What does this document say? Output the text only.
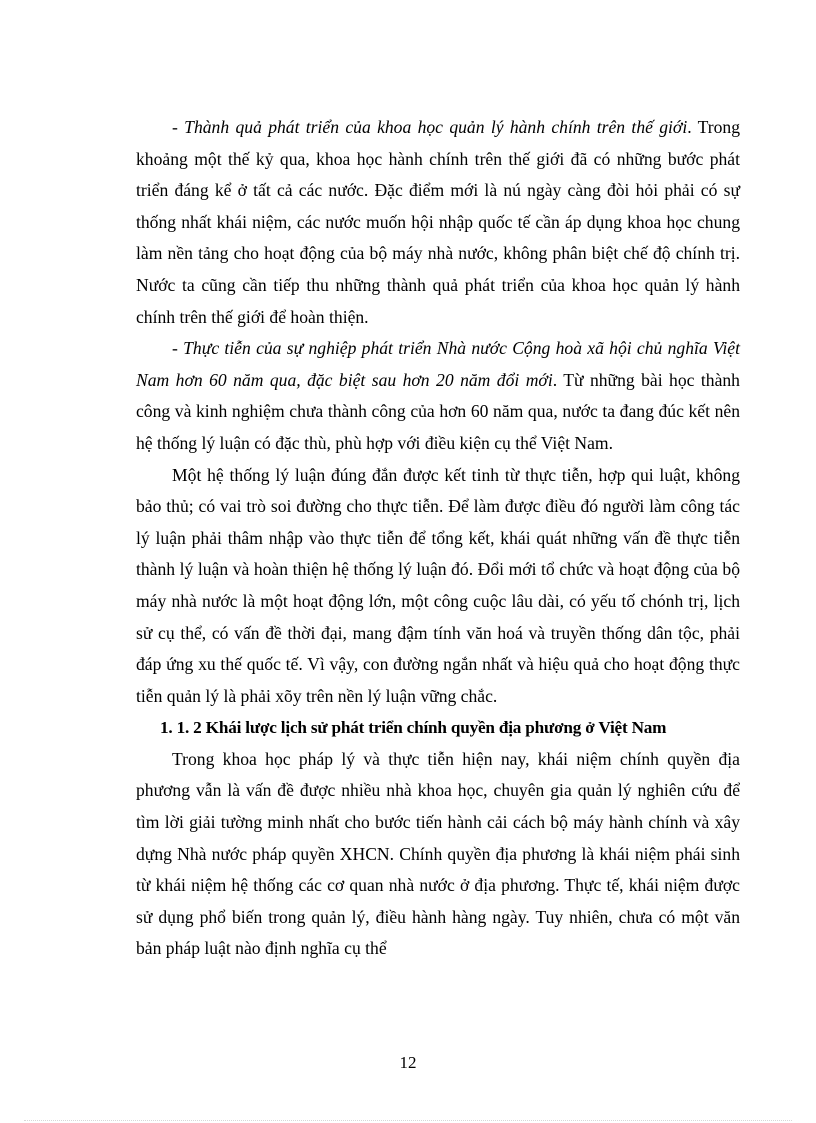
- Thành quả phát triển của khoa học quản lý hành chính trên thế giới. Trong khoảng một thế kỷ qua, khoa học hành chính trên thế giới đã có những bước phát triển đáng kể ở tất cả các nước. Đặc điểm mới là nú ngày càng đòi hỏi phải có sự thống nhất khái niệm, các nước muốn hội nhập quốc tế cần áp dụng khoa học chung làm nền tảng cho hoạt động của bộ máy nhà nước, không phân biệt chế độ chính trị. Nước ta cũng cần tiếp thu những thành quả phát triển của khoa học quản lý hành chính trên thế giới để hoàn thiện.

- Thực tiễn của sự nghiệp phát triển Nhà nước Cộng hoà xã hội chủ nghĩa Việt Nam hơn 60 năm qua, đặc biệt sau hơn 20 năm đổi mới. Từ những bài học thành công và kinh nghiệm chưa thành công của hơn 60 năm qua, nước ta đang đúc kết nên hệ thống lý luận có đặc thù, phù hợp với điều kiện cụ thể Việt Nam.

Một hệ thống lý luận đúng đắn được kết tinh từ thực tiễn, hợp qui luật, không bảo thủ; có vai trò soi đường cho thực tiễn. Để làm được điều đó người làm công tác lý luận phải thâm nhập vào thực tiễn để tổng kết, khái quát những vấn đề thực tiễn thành lý luận và hoàn thiện hệ thống lý luận đó. Đổi mới tổ chức và hoạt động của bộ máy nhà nước là một hoạt động lớn, một công cuộc lâu dài, có yếu tố chónh trị, lịch sử cụ thể, có vấn đề thời đại, mang đậm tính văn hoá và truyền thống dân tộc, phải đáp ứng xu thế quốc tế. Vì vậy, con đường ngắn nhất và hiệu quả cho hoạt động thực tiễn quản lý là phải xõy trên nền lý luận vững chắc.

1. 1. 2 Khái lược lịch sử phát triển chính quyền địa phương ở Việt Nam

Trong khoa học pháp lý và thực tiễn hiện nay, khái niệm chính quyền địa phương vẫn là vấn đề được nhiều nhà khoa học, chuyên gia quản lý nghiên cứu để tìm lời giải tường minh nhất cho bước tiến hành cải cách bộ máy hành chính và xây dựng Nhà nước pháp quyền XHCN. Chính quyền địa phương là khái niệm phái sinh từ khái niệm hệ thống các cơ quan nhà nước ở địa phương. Thực tế, khái niệm được sử dụng phổ biến trong quản lý, điều hành hàng ngày. Tuy nhiên, chưa có một văn bản pháp luật nào định nghĩa cụ thể

12
